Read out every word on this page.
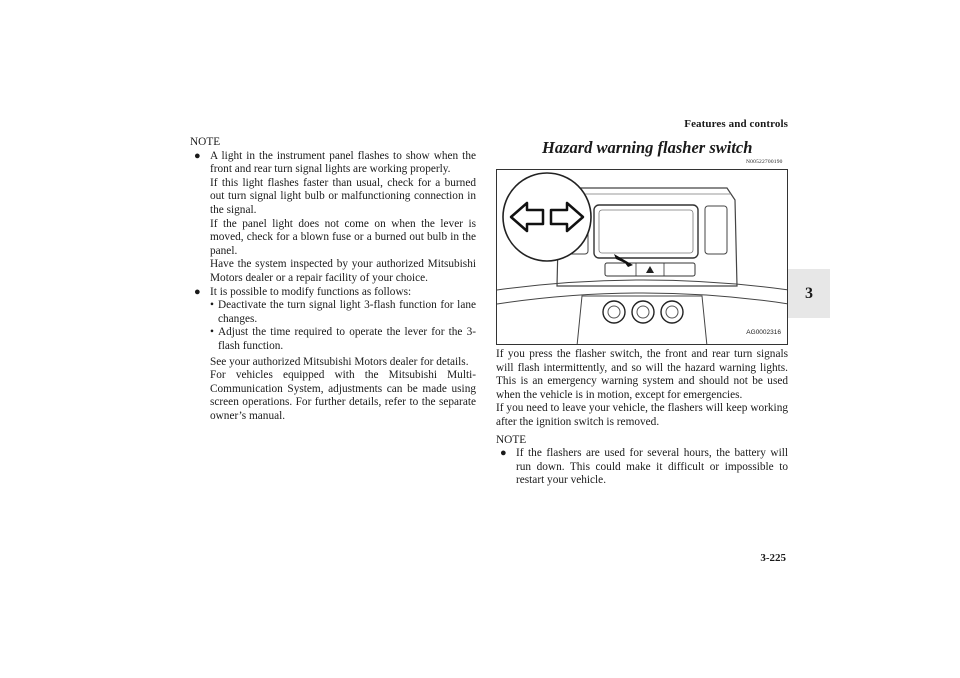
Features and controls
3
NOTE
● A light in the instrument panel flashes to show when the front and rear turn signal lights are working properly.

If this light flashes faster than usual, check for a burned out turn signal light bulb or malfunctioning connection in the signal.

If the panel light does not come on when the lever is moved, check for a blown fuse or a burned out bulb in the panel.

Have the system inspected by your authorized Mitsubishi Motors dealer or a repair facility of your choice.

● It is possible to modify functions as follows:

• Deactivate the turn signal light 3-flash function for lane changes.

• Adjust the time required to operate the lever for the 3-flash function.

See your authorized Mitsubishi Motors dealer for details.

For vehicles equipped with the Mitsubishi Multi-Communication System, adjustments can be made using screen operations. For further details, refer to the separate owner’s manual.

Hazard warning flasher switch
N00522700190
AG0002316

If you press the flasher switch, the front and rear turn signals will flash intermittently, and so will the hazard warning lights. This is an emergency warning system and should not be used when the vehicle is in motion, except for emergencies.

If you need to leave your vehicle, the flashers will keep working after the ignition switch is removed.

NOTE
● If the flashers are used for several hours, the battery will run down. This could make it difficult or impossible to restart your vehicle.

3-225
